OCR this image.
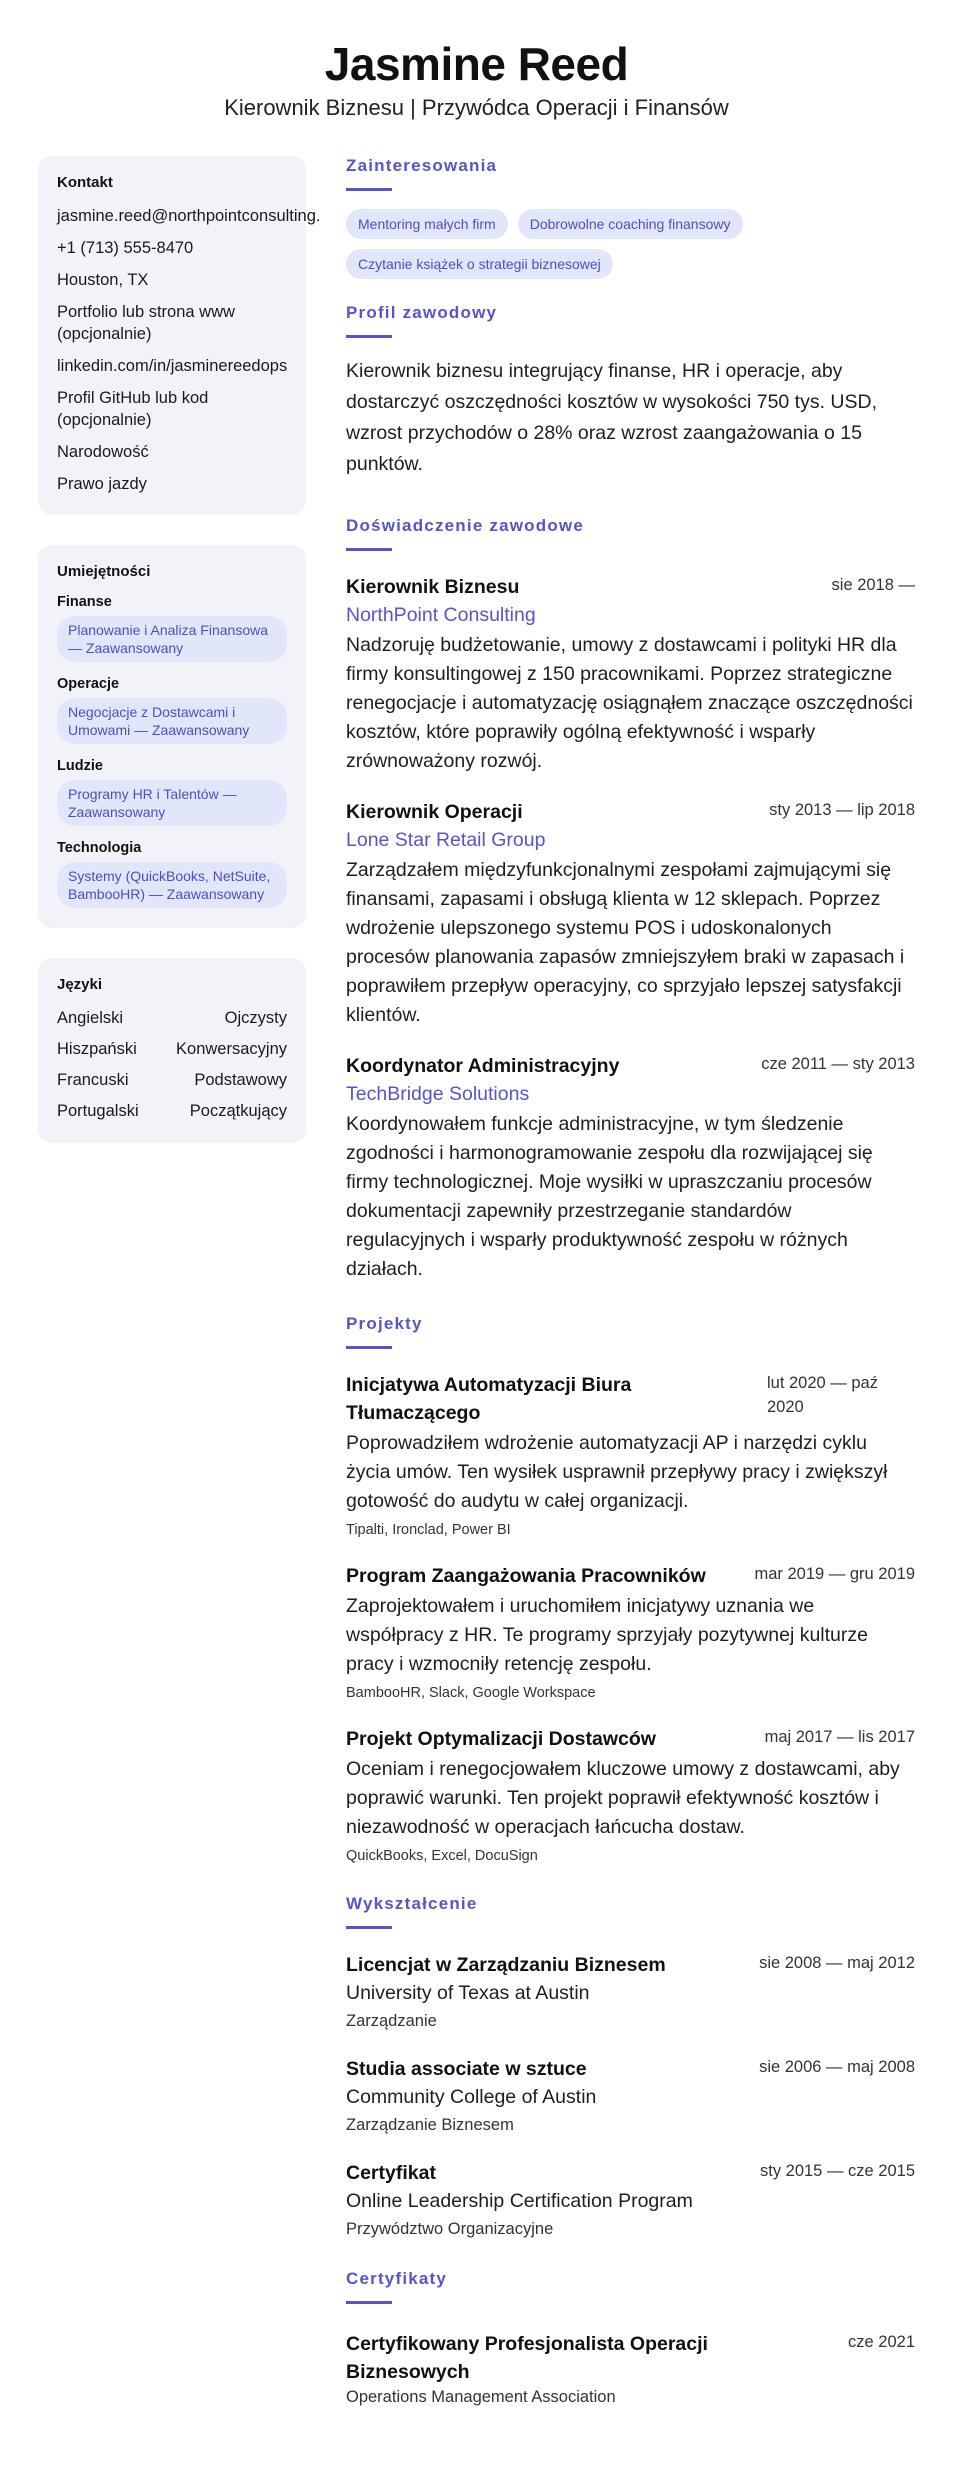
Jasmine Reed
Kierownik Biznesu | Przywódca Operacji i Finansów
Kontakt
jasmine.reed@northpointconsulting.
+1 (713) 555-8470
Houston, TX
Portfolio lub strona www (opcjonalnie)
linkedin.com/in/jasminereedops
Profil GitHub lub kod (opcjonalnie)
Narodowość
Prawo jazdy
Umiejętności
Finanse
Planowanie i Analiza Finansowa — Zaawansowany
Operacje
Negocjacje z Dostawcami i Umowami — Zaawansowany
Ludzie
Programy HR i Talentów — Zaawansowany
Technologia
Systemy (QuickBooks, NetSuite, BambooHR) — Zaawansowany
Języki
Angielski	Ojczysty
Hiszpański Konwersacyjny
Francuski	Podstawowy
Portugalski	Początkujący
Zainteresowania
Mentoring małych firm	Dobrowolne coaching finansowy
Czytanie książek o strategii biznesowej
Profil zawodowy

Kierownik biznesu integrujący finanse, HR i operacje, aby dostarczyć oszczędności kosztów w wysokości 750 tys. USD, wzrost przychodów o 28% oraz wzrost zaangażowania o 15 punktów.

Doświadczenie zawodowe
Kierownik Biznesu	sie 2018 —
NorthPoint Consulting

Nadzoruję budżetowanie, umowy z dostawcami i polityki HR dla firmy konsultingowej z 150 pracownikami. Poprzez strategiczne renegocjacje i automatyzację osiągnąłem znaczące oszczędności kosztów, które poprawiły ogólną efektywność i wsparły zrównoważony rozwój.

Kierownik Operacji	sty 2013 — lip 2018
Lone Star Retail Group

Zarządzałem międzyfunkcjonalnymi zespołami zajmującymi się finansami, zapasami i obsługą klienta w 12 sklepach. Poprzez wdrożenie ulepszonego systemu POS i udoskonalonych procesów planowania zapasów zmniejszyłem braki w zapasach i poprawiłem przepływ operacyjny, co sprzyjało lepszej satysfakcji klientów.

Koordynator Administracyjny	cze 2011 — sty 2013
TechBridge Solutions

Koordynowałem funkcje administracyjne, w tym śledzenie zgodności i harmonogramowanie zespołu dla rozwijającej się firmy technologicznej. Moje wysiłki w upraszczaniu procesów dokumentacji zapewniły przestrzeganie standardów regulacyjnych i wsparły produktywność zespołu w różnych działach.

Projekty
Inicjatywa Automatyzacji Biura Tłumaczącego
lut 2020 — paź 2020

Poprowadziłem wdrożenie automatyzacji AP i narzędzi cyklu życia umów. Ten wysiłek usprawnił przepływy pracy i zwiększył gotowość do audytu w całej organizacji.

Tipalti, Ironclad, Power BI
Program Zaangażowania Pracowników	mar 2019 — gru 2019

Zaprojektowałem i uruchomiłem inicjatywy uznania we współpracy z HR. Te programy sprzyjały pozytywnej kulturze pracy i wzmocniły retencję zespołu.

BambooHR, Slack, Google Workspace
Projekt Optymalizacji Dostawców	maj 2017 — lis 2017

Oceniam i renegocjowałem kluczowe umowy z dostawcami, aby poprawić warunki. Ten projekt poprawił efektywność kosztów i niezawodność w operacjach łańcucha dostaw.

QuickBooks, Excel, DocuSign
Wykształcenie
Licencjat w Zarządzaniu Biznesem	sie 2008 — maj 2012
University of Texas at Austin
Zarządzanie
Studia associate w sztuce	sie 2006 — maj 2008
Community College of Austin
Zarządzanie Biznesem
Certyfikat	sty 2015 — cze 2015
Online Leadership Certification Program
Przywództwo Organizacyjne
Certyfikaty
Certyfikowany Profesjonalista Operacji Biznesowych
cze 2021
Operations Management Association
